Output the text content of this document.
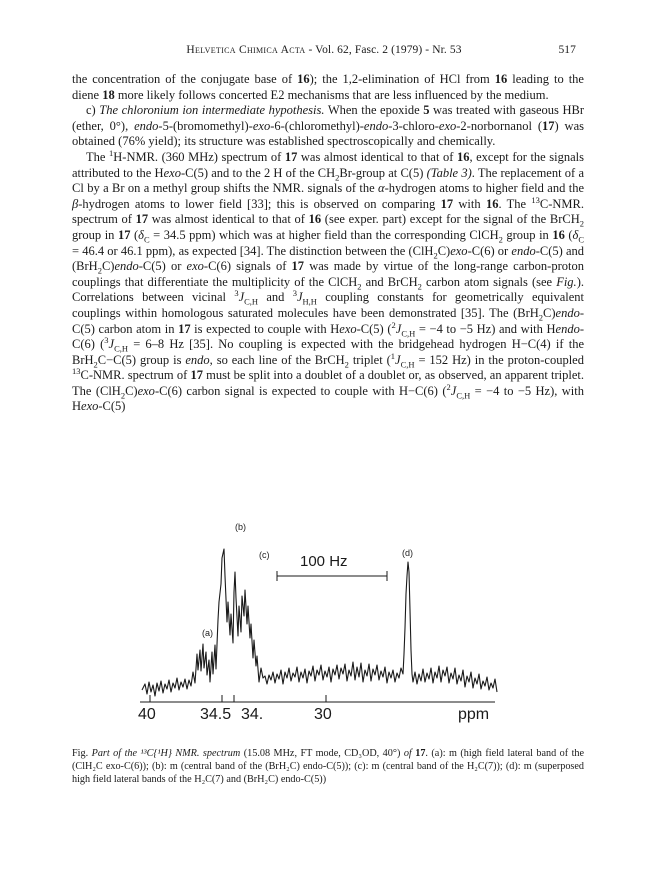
Helvetica Chimica Acta - Vol. 62, Fasc. 2 (1979) - Nr. 53	517

the concentration of the conjugate base of 16); the 1,2-elimination of HCl from 16 leading to the diene 18 more likely follows concerted E2 mechanisms that are less influenced by the medium.

c) The chloronium ion intermediate hypothesis. When the epoxide 5 was treated with gaseous HBr (ether, 0°), endo-5-(bromomethyl)-exo-6-(chloromethyl)-endo-3-chloro-exo-2-norbornanol (17) was obtained (76% yield); its structure was established spectroscopically and chemically.

The $^1$H-NMR. (360 MHz) spectrum of 17 was almost identical to that of 16, except for the signals attributed to the Hexo-C(5) and to the 2 H of the $CH_2Br$-group at C(5) (Table 3). The replacement of a Cl by a Br on a methyl group shifts the NMR. signals of the α-hydrogen atoms to higher field and the β-hydrogen atoms to lower field [33]; this is observed on comparing 17 with 16. The $^{13}$C-NMR. spectrum of 17 was almost identical to that of 16 (see exper. part) except for the signal of the BrCH$_2$ group in 17 ($\delta_C = 34.5$ ppm) which was at higher field than the corresponding ClCH$_2$ group in 16 ($\delta_C = 46.4$ or 46.1 ppm), as expected [34]. The distinction between the (ClH$_2$C)exo-C(6) or endo-C(5) and (BrH$_2$C)endo-C(5) or exo-C(6) signals of 17 was made by virtue of the long-range carbon-proton couplings that differentiate the multiplicity of the ClCH$_2$ and BrCH$_2$ carbon atom signals (see Fig.). Correlations between vicinal $^3J_{C,H}$ and $^3J_{H,H}$ coupling constants for geometrically equivalent couplings within homologous saturated molecules have been demonstrated [35]. The (BrH$_2$C)endo-C(5) carbon atom in 17 is expected to couple with Hexo-C(5) ($^2J_{C,H} = -4$ to −5 Hz) and with Hendo-C(6) ($^3J_{C,H} = 6-8$ Hz [35]. No coupling is expected with the bridgehead hydrogen H−C(4) if the BrH$_2$C−C(5) group is endo, so each line of the BrCH$_2$ triplet ($^1J_{C,H} = 152$ Hz) in the proton-coupled $^{13}$C-NMR. spectrum of 17 must be split into a doublet of a doublet or, as observed, an apparent triplet. The (ClH$_2$C)exo-C(6) carbon signal is expected to couple with H−C(6) ($^2J_{C,H} = -4$ to −5 Hz), with Hexo-C(5)

(b)
(c)	(d)
(a)
100 Hz
40	34.5 34.	30	ppm
Fig. Part of the ¹³C{¹H} NMR. spectrum (15.08 MHz, FT mode, CD₃OD, 40°) of 17. (a): m (high field lateral band of the (ClH₂C exo-C(6)); (b): m (central band of the (BrH₂C) endo-C(5)); (c): m (central band of the H₂C(7)); (d): m (superposed high field lateral bands of the H₂C(7) and (BrH₂C) endo-C(5))
